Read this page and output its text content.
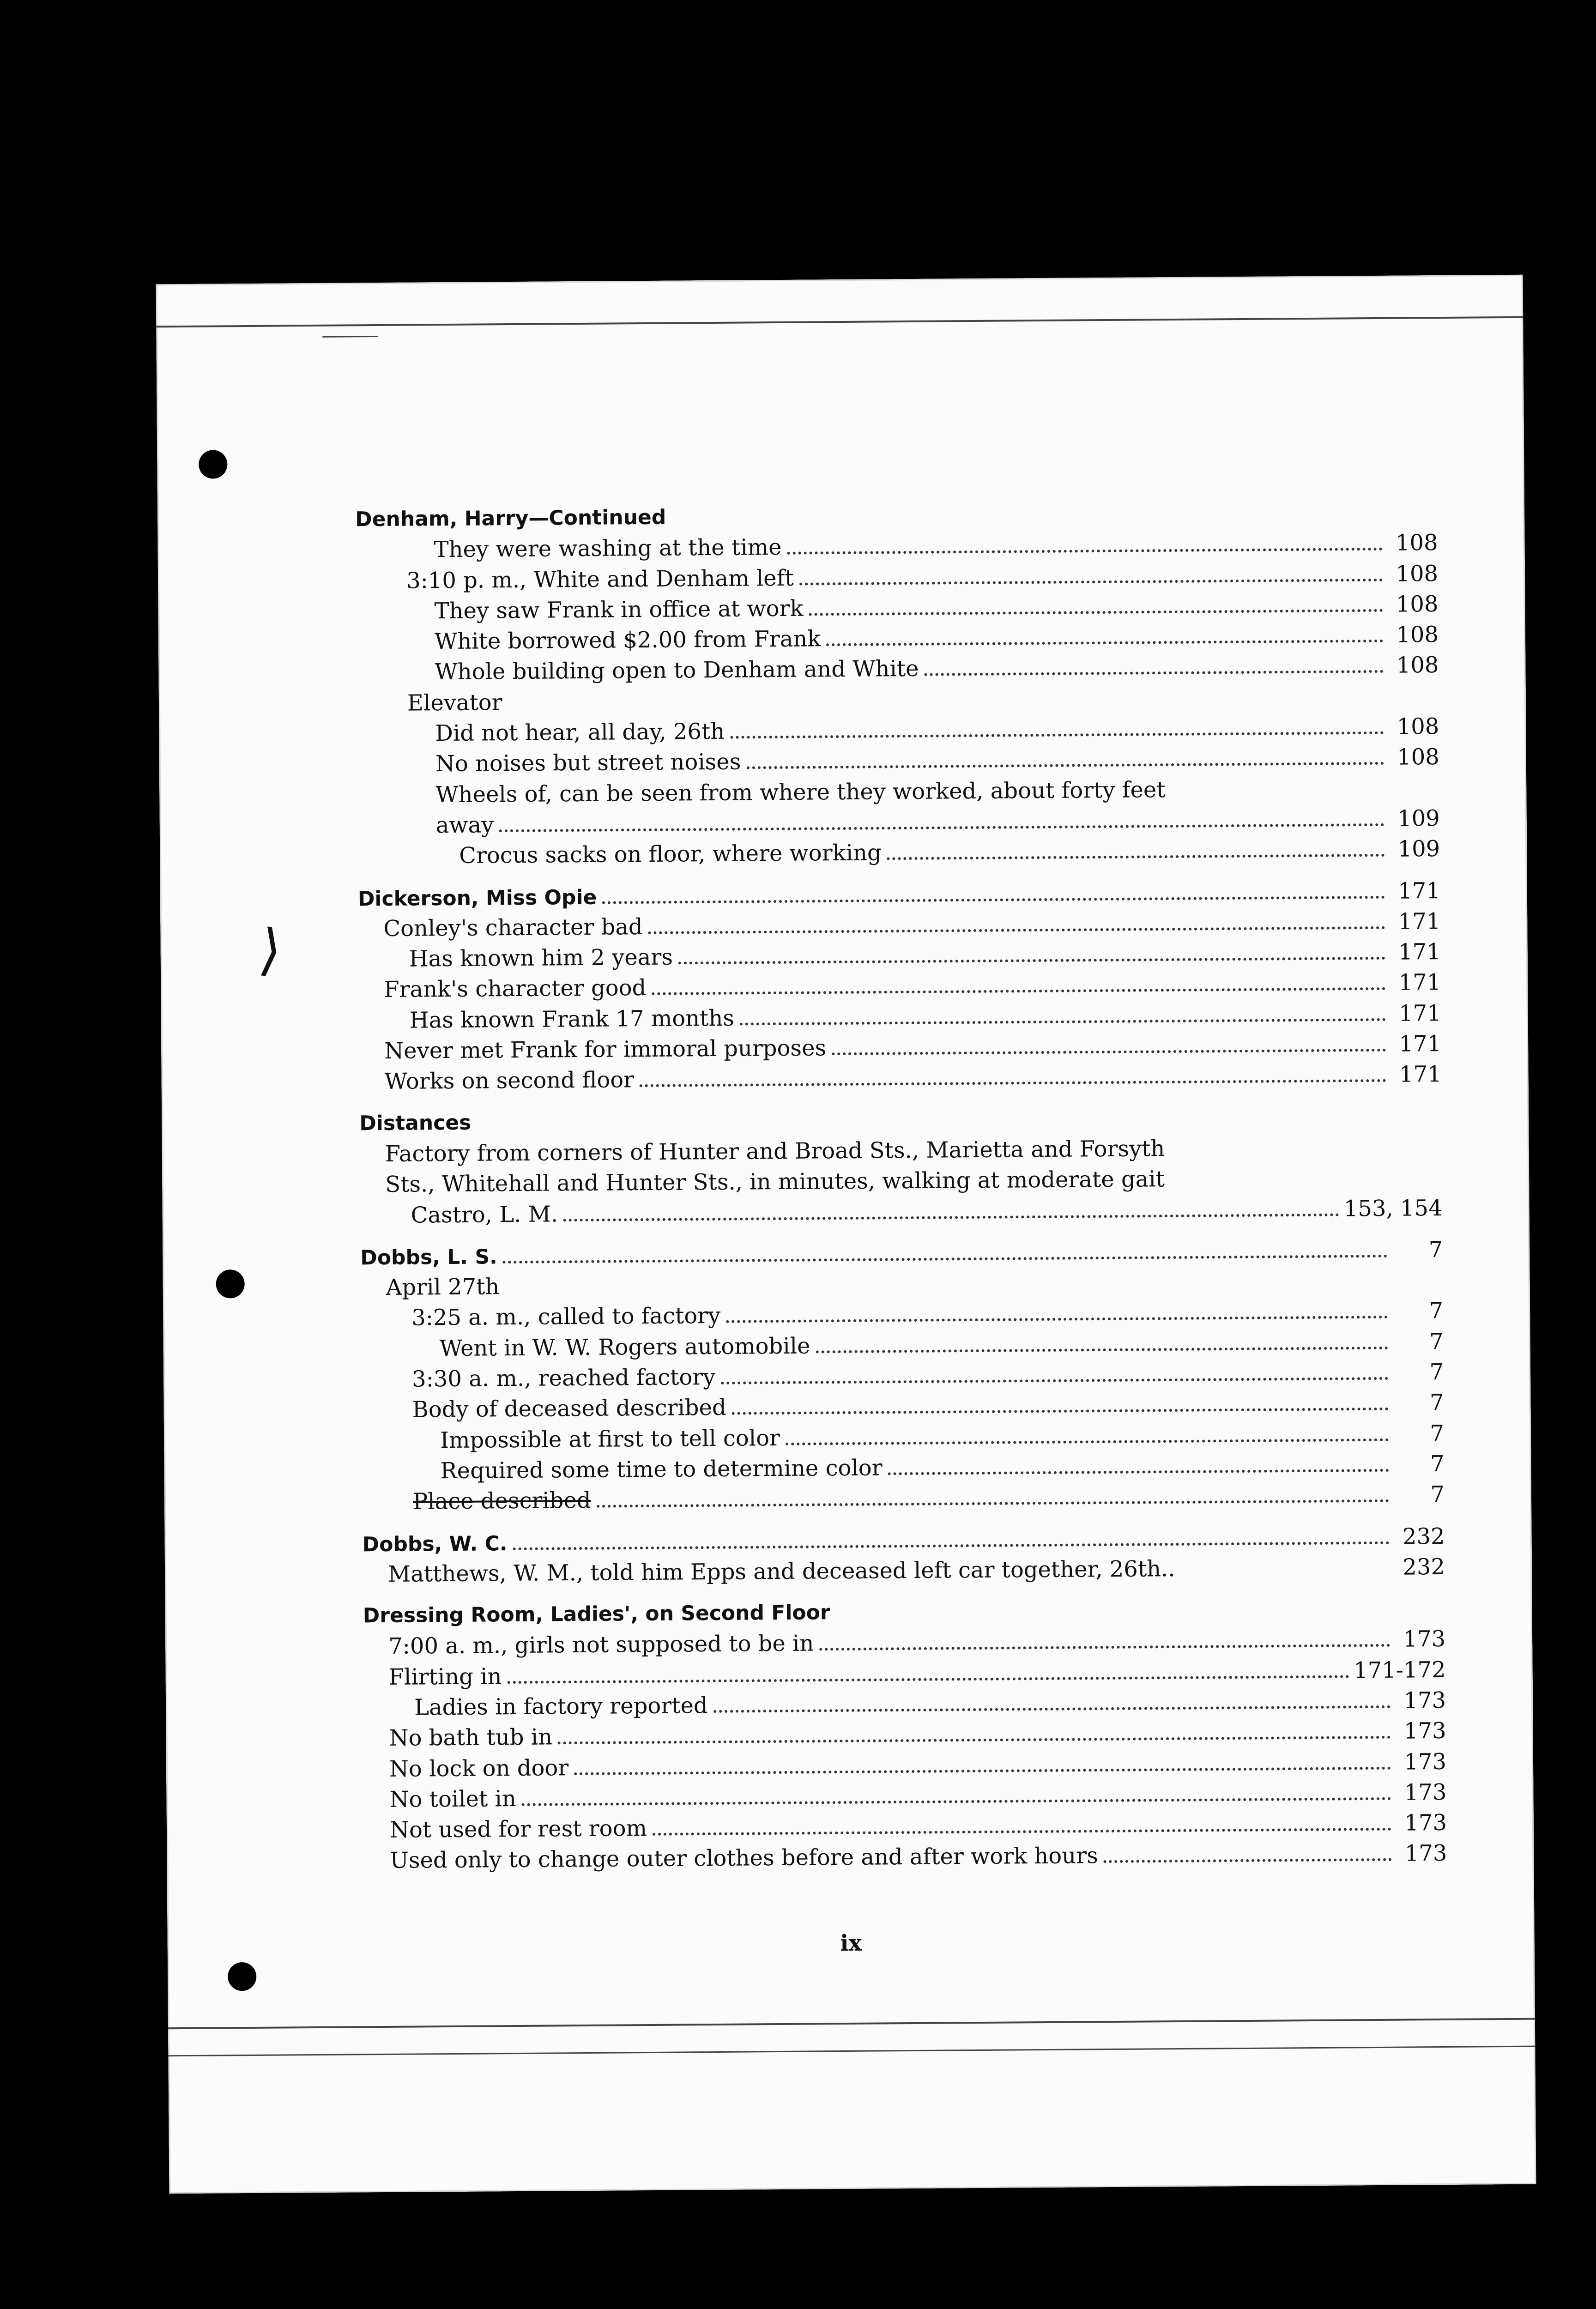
⟩
Denham, Harry—Continued
They were washing at the time	108
3:10 p. m., White and Denham left	108
They saw Frank in office at work	108
White borrowed $2.00 from Frank	108
Whole building open to Denham and White	108
Elevator
Did not hear, all day, 26th	108
No noises but street noises	108
Wheels of, can be seen from where they worked, about forty feet
away	109
Crocus sacks on floor, where working	109
Dickerson, Miss Opie	171
Conley's character bad	171
Has known him 2 years	171
Frank's character good	171
Has known Frank 17 months	171
Never met Frank for immoral purposes	171
Works on second floor	171
Distances
Factory from corners of Hunter and Broad Sts., Marietta and Forsyth
Sts., Whitehall and Hunter Sts., in minutes, walking at moderate gait
Castro, L. M.	153, 154
Dobbs, L. S.	7
April 27th
3:25 a. m., called to factory	7
Went in W. W. Rogers automobile	7
3:30 a. m., reached factory	7
Body of deceased described	7
Impossible at first to tell color	7
Required some time to determine color	7
Place described	7
Dobbs, W. C.	232
Matthews, W. M., told him Epps and deceased left car together, 26th..	232
Dressing Room, Ladies', on Second Floor
7:00 a. m., girls not supposed to be in	173
Flirting in	171-172
Ladies in factory reported	173
No bath tub in	173
No lock on door	173
No toilet in	173
Not used for rest room	173
Used only to change outer clothes before and after work hours	173
ix
